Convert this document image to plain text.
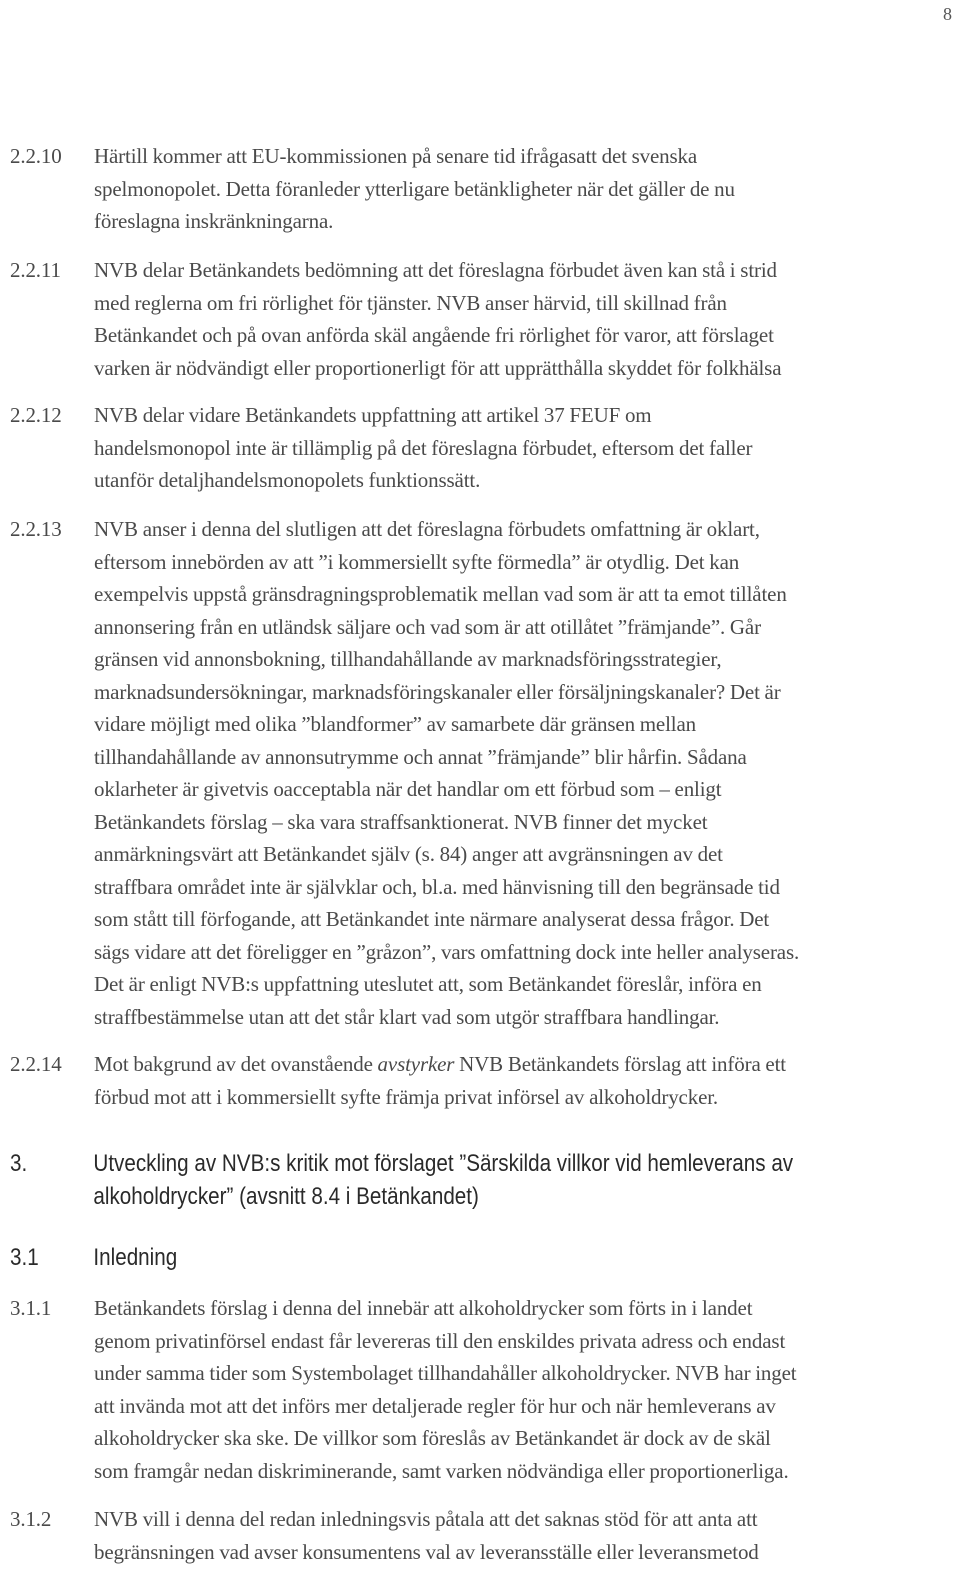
8
2.2.10	Härtill kommer att EU-kommissionen på senare tid ifrågasatt det svenska
spelmonopolet. Detta föranleder ytterligare betänkligheter när det gäller de nu
föreslagna inskränkningarna.
2.2.11	NVB delar Betänkandets bedömning att det föreslagna förbudet även kan stå i strid
med reglerna om fri rörlighet för tjänster. NVB anser härvid, till skillnad från
Betänkandet och på ovan anförda skäl angående fri rörlighet för varor, att förslaget
varken är nödvändigt eller proportionerligt för att upprätthålla skyddet för folkhälsa
2.2.12	NVB delar vidare Betänkandets uppfattning att artikel 37 FEUF om
handelsmonopol inte är tillämplig på det föreslagna förbudet, eftersom det faller
utanför detaljhandelsmonopolets funktionssätt.
2.2.13	NVB anser i denna del slutligen att det föreslagna förbudets omfattning är oklart,
eftersom innebörden av att ”i kommersiellt syfte förmedla” är otydlig. Det kan
exempelvis uppstå gränsdragningsproblematik mellan vad som är att ta emot tillåten
annonsering från en utländsk säljare och vad som är att otillåtet ”främjande”. Går
gränsen vid annonsbokning, tillhandahållande av marknadsföringsstrategier,
marknadsundersökningar, marknadsföringskanaler eller försäljningskanaler? Det är
vidare möjligt med olika ”blandformer” av samarbete där gränsen mellan
tillhandahållande av annonsutrymme och annat ”främjande” blir hårfin. Sådana
oklarheter är givetvis oacceptabla när det handlar om ett förbud som – enligt
Betänkandets förslag – ska vara straffsanktionerat. NVB finner det mycket
anmärkningsvärt att Betänkandet själv (s. 84) anger att avgränsningen av det
straffbara området inte är självklar och, bl.a. med hänvisning till den begränsade tid
som stått till förfogande, att Betänkandet inte närmare analyserat dessa frågor. Det
sägs vidare att det föreligger en ”gråzon”, vars omfattning dock inte heller analyseras.
Det är enligt NVB:s uppfattning uteslutet att, som Betänkandet föreslår, införa en
straffbestämmelse utan att det står klart vad som utgör straffbara handlingar.
2.2.14	Mot bakgrund av det ovanstående avstyrker NVB Betänkandets förslag att införa ett
förbud mot att i kommersiellt syfte främja privat införsel av alkoholdrycker.
3.	Utveckling av NVB:s kritik mot förslaget ”Särskilda villkor vid hemleverans av
alkoholdrycker” (avsnitt 8.4 i Betänkandet)
3.1 Inledning
3.1.1	Betänkandets förslag i denna del innebär att alkoholdrycker som förts in i landet
genom privatinförsel endast får levereras till den enskildes privata adress och endast
under samma tider som Systembolaget tillhandahåller alkoholdrycker. NVB har inget
att invända mot att det införs mer detaljerade regler för hur och när hemleverans av
alkoholdrycker ska ske. De villkor som föreslås av Betänkandet är dock av de skäl
som framgår nedan diskriminerande, samt varken nödvändiga eller proportionerliga.
3.1.2	NVB vill i denna del redan inledningsvis påtala att det saknas stöd för att anta att
begränsningen vad avser konsumentens val av leveransställe eller leveransmetod
